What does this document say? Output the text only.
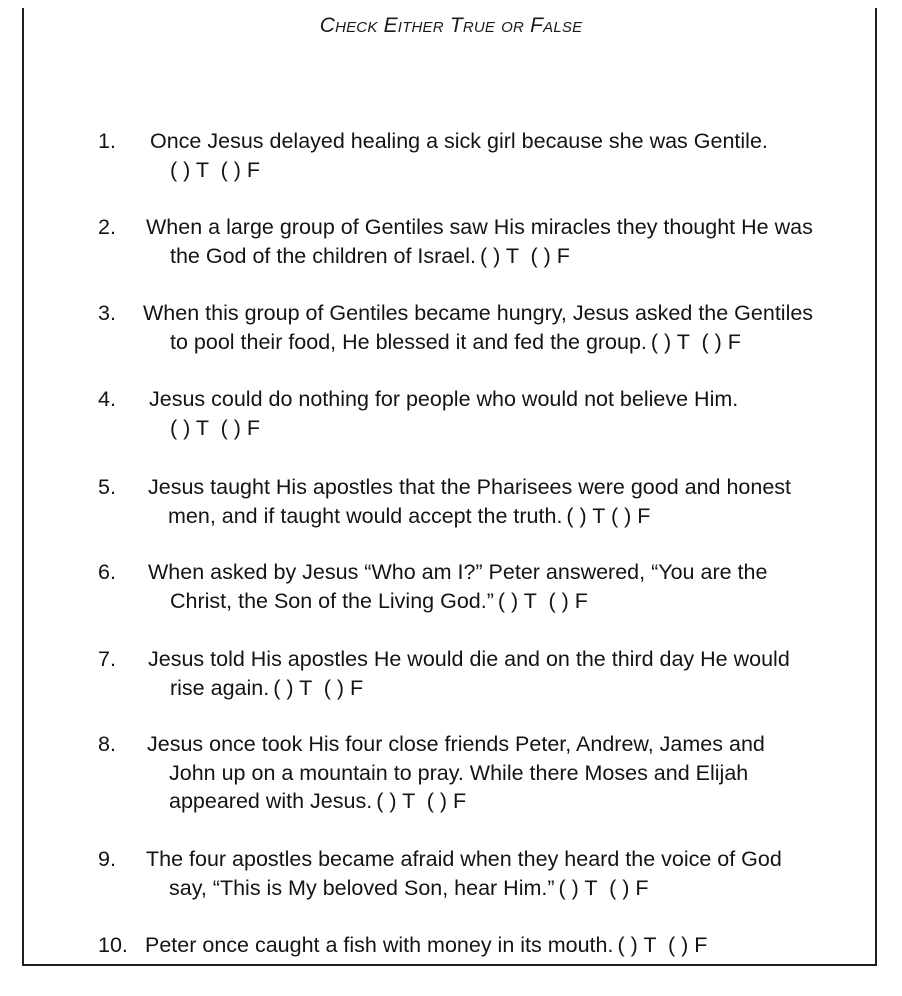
Check Either True or False
1.	Once Jesus delayed healing a sick girl because she was Gentile.
( ) T  ( ) F
2.	When a large group of Gentiles saw His miracles they thought He was
the God of the children of Israel. ( ) T  ( ) F
3.	When this group of Gentiles became hungry, Jesus asked the Gentiles
to pool their food, He blessed it and fed the group. ( ) T  ( ) F
4.	Jesus could do nothing for people who would not believe Him.
( ) T  ( ) F
5.	Jesus taught His apostles that the Pharisees were good and honest
men, and if taught would accept the truth. ( ) T ( ) F
6.	When asked by Jesus “Who am I?” Peter answered, “You are the
Christ, the Son of the Living God.” ( ) T  ( ) F
7.	Jesus told His apostles He would die and on the third day He would
rise again. ( ) T  ( ) F
8.	Jesus once took His four close friends Peter, Andrew, James and
John up on a mountain to pray. While there Moses and Elijah
appeared with Jesus. ( ) T  ( ) F
9.	The four apostles became afraid when they heard the voice of God
say, “This is My beloved Son, hear Him.” ( ) T  ( ) F
10. Peter once caught a fish with money in its mouth. ( ) T  ( ) F
